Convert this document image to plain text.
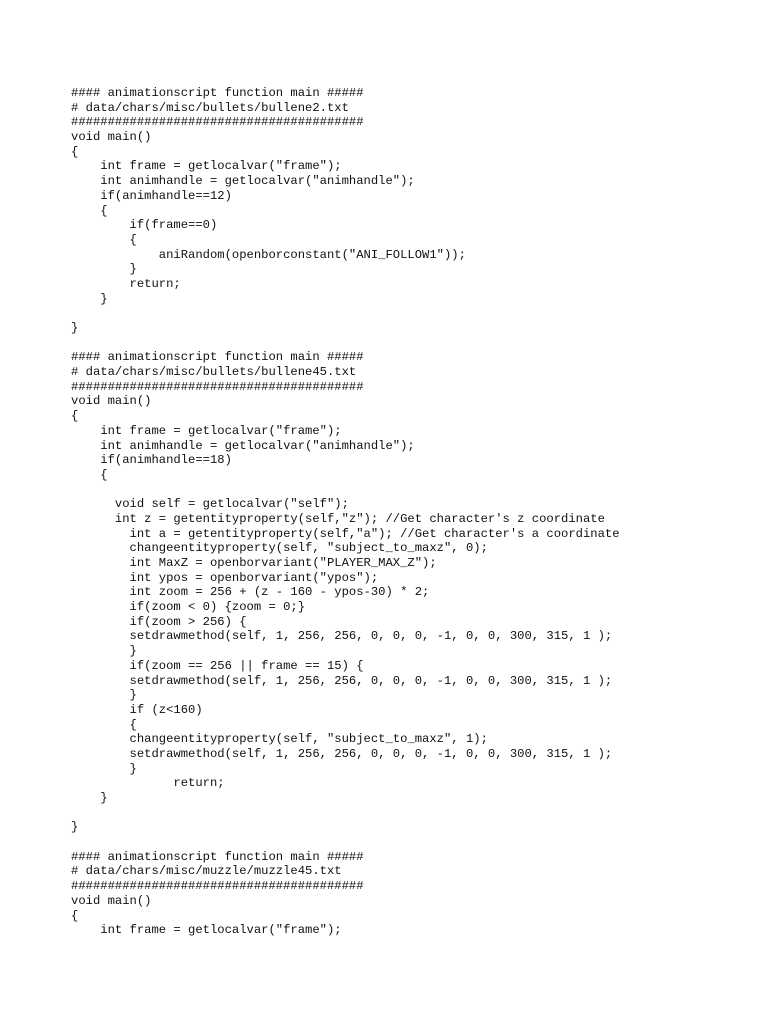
#### animationscript function main #####
# data/chars/misc/bullets/bullene2.txt
########################################
void main()
{
int frame = getlocalvar("frame");
int animhandle = getlocalvar("animhandle");
if(animhandle==12)
{
if(frame==0)
{
aniRandom(openborconstant("ANI_FOLLOW1"));
}
return;
}

}

#### animationscript function main #####
# data/chars/misc/bullets/bullene45.txt
########################################
void main()
{
int frame = getlocalvar("frame");
int animhandle = getlocalvar("animhandle");
if(animhandle==18)
{

void self = getlocalvar("self");
int z = getentityproperty(self,"z"); //Get character's z coordinate
int a = getentityproperty(self,"a"); //Get character's a coordinate
changeentityproperty(self, "subject_to_maxz", 0);
int MaxZ = openborvariant("PLAYER_MAX_Z");
int ypos = openborvariant("ypos");
int zoom = 256 + (z - 160 - ypos-30) * 2;
if(zoom < 0) {zoom = 0;}
if(zoom > 256) {
setdrawmethod(self, 1, 256, 256, 0, 0, 0, -1, 0, 0, 300, 315, 1 );
}
if(zoom == 256 || frame == 15) {
setdrawmethod(self, 1, 256, 256, 0, 0, 0, -1, 0, 0, 300, 315, 1 );
}
if (z<160)
{
changeentityproperty(self, "subject_to_maxz", 1);
setdrawmethod(self, 1, 256, 256, 0, 0, 0, -1, 0, 0, 300, 315, 1 );
}
return;
}

}

#### animationscript function main #####
# data/chars/misc/muzzle/muzzle45.txt
########################################
void main()
{
int frame = getlocalvar("frame");
